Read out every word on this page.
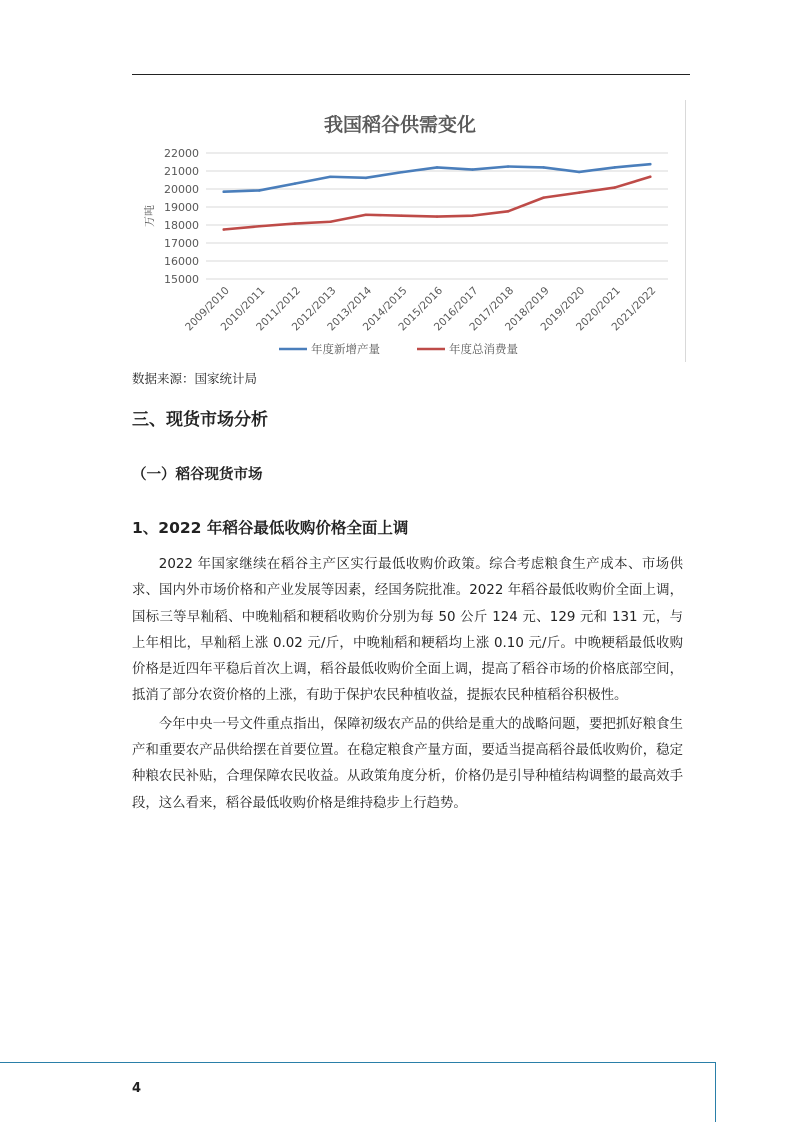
我国稻谷供需变化
15000
16000
17000
18000
19000
20000
21000
22000
万吨
2009/2010
2010/2011
2011/2012
2012/2013
2013/2014
2014/2015
2015/2016
2016/2017
2017/2018
2018/2019
2019/2020
2020/2021
2021/2022
年度新增产量	年度总消费量
数据来源：国家统计局
三、现货市场分析
（一）稻谷现货市场
1、2022 年稻谷最低收购价格全面上调

2022 年国家继续在稻谷主产区实行最低收购价政策。综合考虑粮食生产成本、市场供求、国内外市场价格和产业发展等因素，经国务院批准。2022 年稻谷最低收购价全面上调，国标三等早籼稻、中晚籼稻和粳稻收购价分别为每 50 公斤 124 元、129 元和 131 元，与上年相比，早籼稻上涨 0.02 元/斤，中晚籼稻和粳稻均上涨 0.10 元/斤。中晚粳稻最低收购价格是近四年平稳后首次上调，稻谷最低收购价全面上调，提高了稻谷市场的价格底部空间，抵消了部分农资价格的上涨，有助于保护农民种植收益，提振农民种植稻谷积极性。

今年中央一号文件重点指出，保障初级农产品的供给是重大的战略问题，要把抓好粮食生产和重要农产品供给摆在首要位置。在稳定粮食产量方面，要适当提高稻谷最低收购价，稳定种粮农民补贴，合理保障农民收益。从政策角度分析，价格仍是引导种植结构调整的最高效手段，这么看来，稻谷最低收购价格是维持稳步上行趋势。

4
